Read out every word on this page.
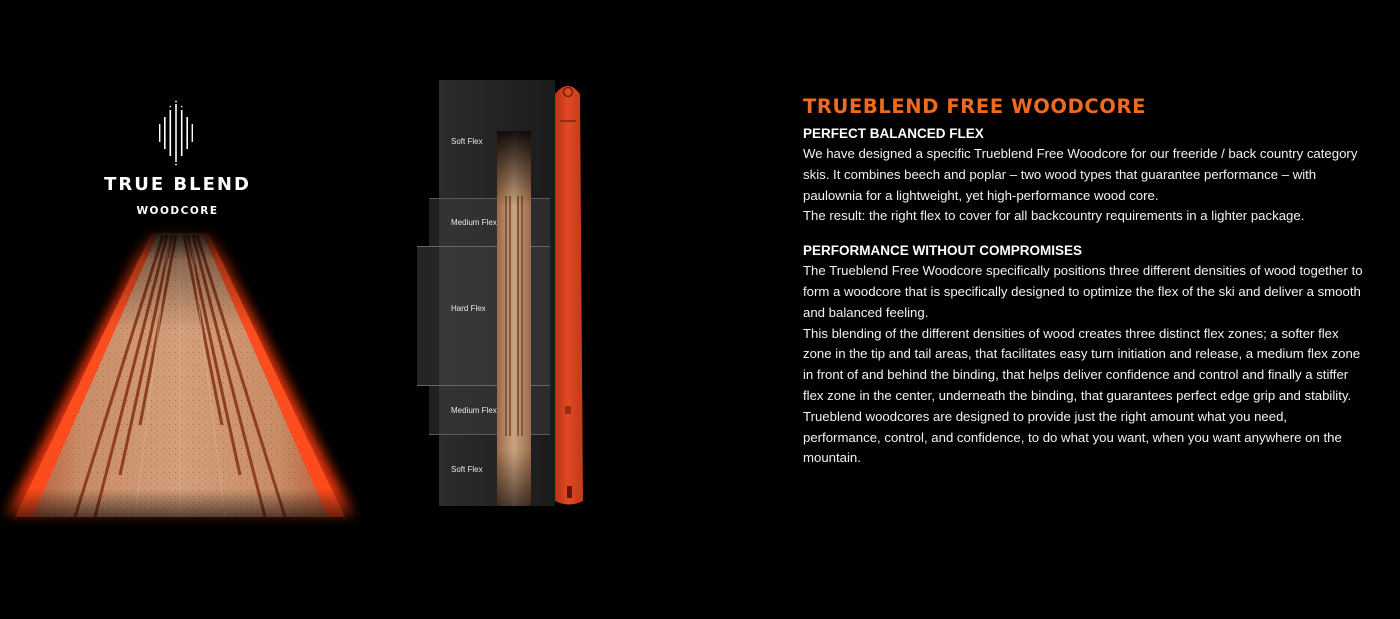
TRUE BLEND
WOODCORE
Soft Flex
Medium Flex
Hard Flex
Medium Flex
Soft Flex
TRUEBLEND FREE WOODCORE
PERFECT BALANCED FLEX

We have designed a specific Trueblend Free Woodcore for our freeride / back country category skis. It combines beech and poplar – two wood types that guarantee performance – with paulownia for a lightweight, yet high-performance wood core.

The result: the right flex to cover for all backcountry requirements in a lighter package.

PERFORMANCE WITHOUT COMPROMISES

The Trueblend Free Woodcore specifically positions three different densities of wood together to form a woodcore that is specifically designed to optimize the flex of the ski and deliver a smooth and balanced feeling.

This blending of the different densities of wood creates three distinct flex zones; a softer flex zone in the tip and tail areas, that facilitates easy turn initiation and release, a medium flex zone in front of and behind the binding, that helps deliver confidence and control and finally a stiffer flex zone in the center, underneath the binding, that guarantees perfect edge grip and stability.

Trueblend woodcores are designed to provide just the right amount what you need, performance, control, and confidence, to do what you want, when you want anywhere on the mountain.
